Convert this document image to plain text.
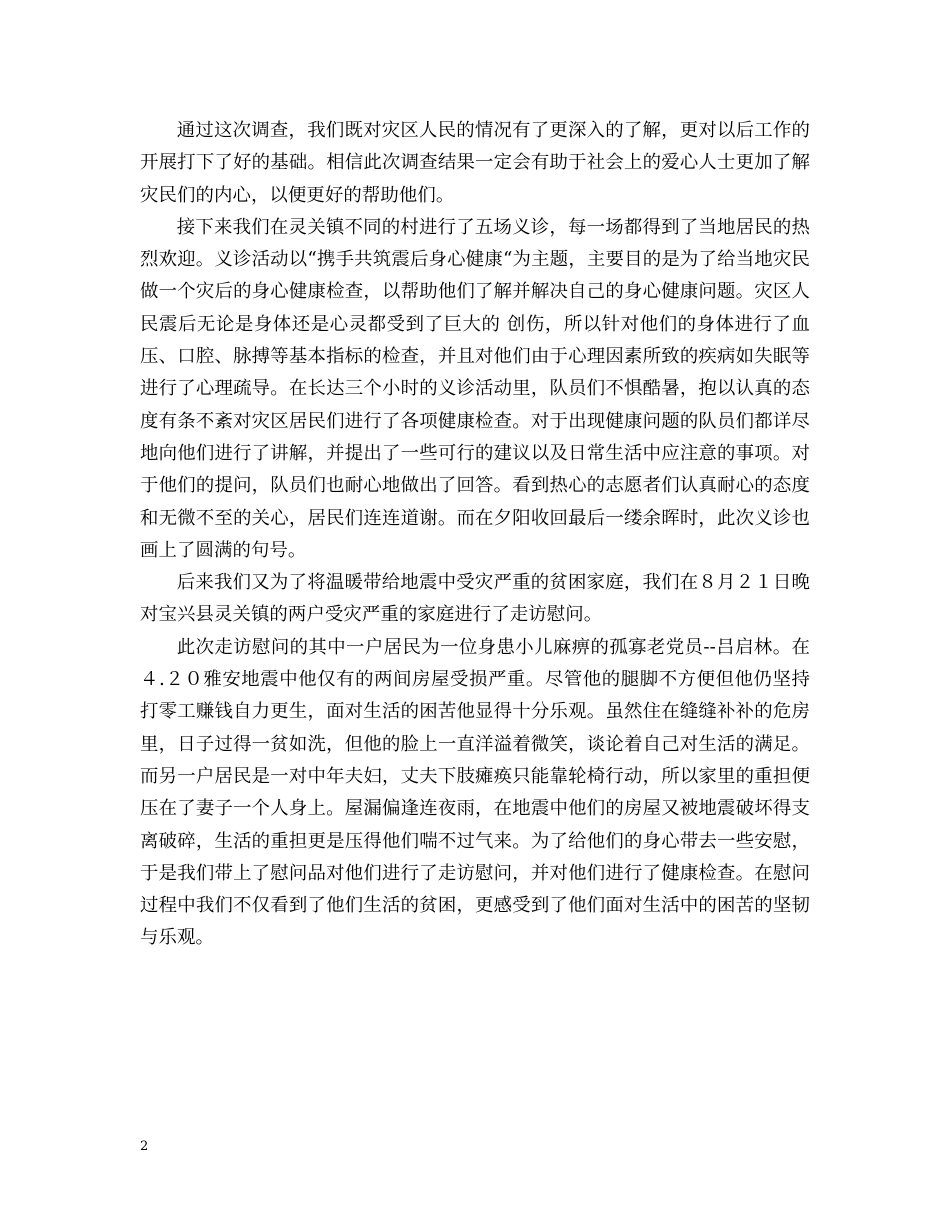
通过这次调查，我们既对灾区人民的情况有了更深入的了解，更对以后工作的开展打下了好的基础。相信此次调查结果一定会有助于社会上的爱心人士更加了解灾民们的内心，以便更好的帮助他们。

接下来我们在灵关镇不同的村进行了五场义诊，每一场都得到了当地居民的热烈欢迎。义诊活动以“携手共筑震后身心健康“为主题，主要目的是为了给当地灾民做一个灾后的身心健康检查，以帮助他们了解并解决自己的身心健康问题。灾区人民震后无论是身体还是心灵都受到了巨大的 创伤，所以针对他们的身体进行了血压、口腔、脉搏等基本指标的检查，并且对他们由于心理因素所致的疾病如失眠等进行了心理疏导。在长达三个小时的义诊活动里，队员们不惧酷暑，抱以认真的态度有条不紊对灾区居民们进行了各项健康检查。对于出现健康问题的队员们都详尽地向他们进行了讲解，并提出了一些可行的建议以及日常生活中应注意的事项。对于他们的提问，队员们也耐心地做出了回答。看到热心的志愿者们认真耐心的态度和无微不至的关心，居民们连连道谢。而在夕阳收回最后一缕余晖时，此次义诊也画上了圆满的句号。

后来我们又为了将温暖带给地震中受灾严重的贫困家庭，我们在８月２１日晚对宝兴县灵关镇的两户受灾严重的家庭进行了走访慰问。

此次走访慰问的其中一户居民为一位身患小儿麻痹的孤寡老党员--吕启林。在４.２０雅安地震中他仅有的两间房屋受损严重。尽管他的腿脚不方便但他仍坚持打零工赚钱自力更生，面对生活的困苦他显得十分乐观。虽然住在缝缝补补的危房里，日子过得一贫如洗，但他的脸上一直洋溢着微笑，谈论着自己对生活的满足。而另一户居民是一对中年夫妇，丈夫下肢瘫痪只能靠轮椅行动，所以家里的重担便压在了妻子一个人身上。屋漏偏逢连夜雨，在地震中他们的房屋又被地震破坏得支离破碎，生活的重担更是压得他们喘不过气来。为了给他们的身心带去一些安慰，于是我们带上了慰问品对他们进行了走访慰问，并对他们进行了健康检查。在慰问过程中我们不仅看到了他们生活的贫困，更感受到了他们面对生活中的困苦的坚韧与乐观。

2
